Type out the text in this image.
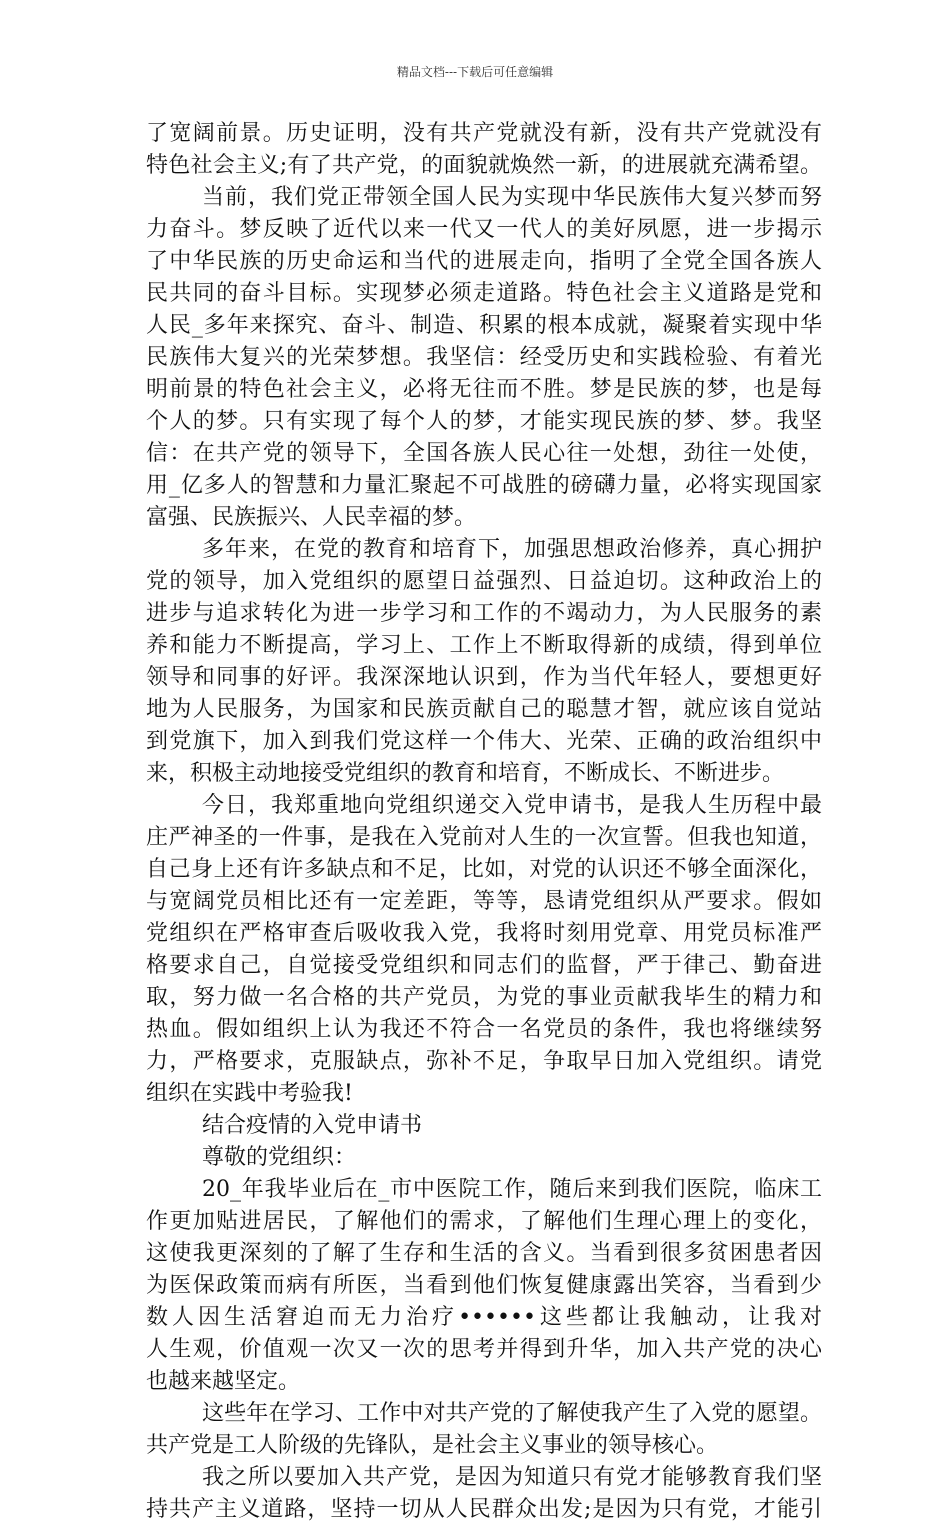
精品文档---下载后可任意编辑
了宽阔前景。历史证明，没有共产党就没有新，没有共产党就没有
特色社会主义;有了共产党，的面貌就焕然一新，的进展就充满希望。
当前，我们党正带领全国人民为实现中华民族伟大复兴梦而努
力奋斗。梦反映了近代以来一代又一代人的美好夙愿，进一步揭示
了中华民族的历史命运和当代的进展走向，指明了全党全国各族人
民共同的奋斗目标。实现梦必须走道路。特色社会主义道路是党和
人民_多年来探究、奋斗、制造、积累的根本成就，凝聚着实现中华
民族伟大复兴的光荣梦想。我坚信：经受历史和实践检验、有着光
明前景的特色社会主义，必将无往而不胜。梦是民族的梦，也是每
个人的梦。只有实现了每个人的梦，才能实现民族的梦、梦。我坚
信：在共产党的领导下，全国各族人民心往一处想，劲往一处使，
用_亿多人的智慧和力量汇聚起不可战胜的磅礴力量，必将实现国家
富强、民族振兴、人民幸福的梦。
多年来，在党的教育和培育下，加强思想政治修养，真心拥护
党的领导，加入党组织的愿望日益强烈、日益迫切。这种政治上的
进步与追求转化为进一步学习和工作的不竭动力，为人民服务的素
养和能力不断提高，学习上、工作上不断取得新的成绩，得到单位
领导和同事的好评。我深深地认识到，作为当代年轻人，要想更好
地为人民服务，为国家和民族贡献自己的聪慧才智，就应该自觉站
到党旗下，加入到我们党这样一个伟大、光荣、正确的政治组织中
来，积极主动地接受党组织的教育和培育，不断成长、不断进步。
今日，我郑重地向党组织递交入党申请书，是我人生历程中最
庄严神圣的一件事，是我在入党前对人生的一次宣誓。但我也知道，
自己身上还有许多缺点和不足，比如，对党的认识还不够全面深化，
与宽阔党员相比还有一定差距，等等，恳请党组织从严要求。假如
党组织在严格审查后吸收我入党，我将时刻用党章、用党员标准严
格要求自己，自觉接受党组织和同志们的监督，严于律己、勤奋进
取，努力做一名合格的共产党员，为党的事业贡献我毕生的精力和
热血。假如组织上认为我还不符合一名党员的条件，我也将继续努
力，严格要求，克服缺点，弥补不足，争取早日加入党组织。请党
组织在实践中考验我!
结合疫情的入党申请书
尊敬的党组织：
20_年我毕业后在_市中医院工作，随后来到我们医院，临床工
作更加贴进居民，了解他们的需求，了解他们生理心理上的变化，
这使我更深刻的了解了生存和生活的含义。当看到很多贫困患者因
为医保政策而病有所医，当看到他们恢复健康露出笑容，当看到少
数人因生活窘迫而无力治疗••••••这些都让我触动，让我对
人生观，价值观一次又一次的思考并得到升华，加入共产党的决心
也越来越坚定。
这些年在学习、工作中对共产党的了解使我产生了入党的愿望。
共产党是工人阶级的先锋队，是社会主义事业的领导核心。
我之所以要加入共产党，是因为知道只有党才能够教育我们坚
持共产主义道路，坚持一切从人民群众出发;是因为只有党，才能引
